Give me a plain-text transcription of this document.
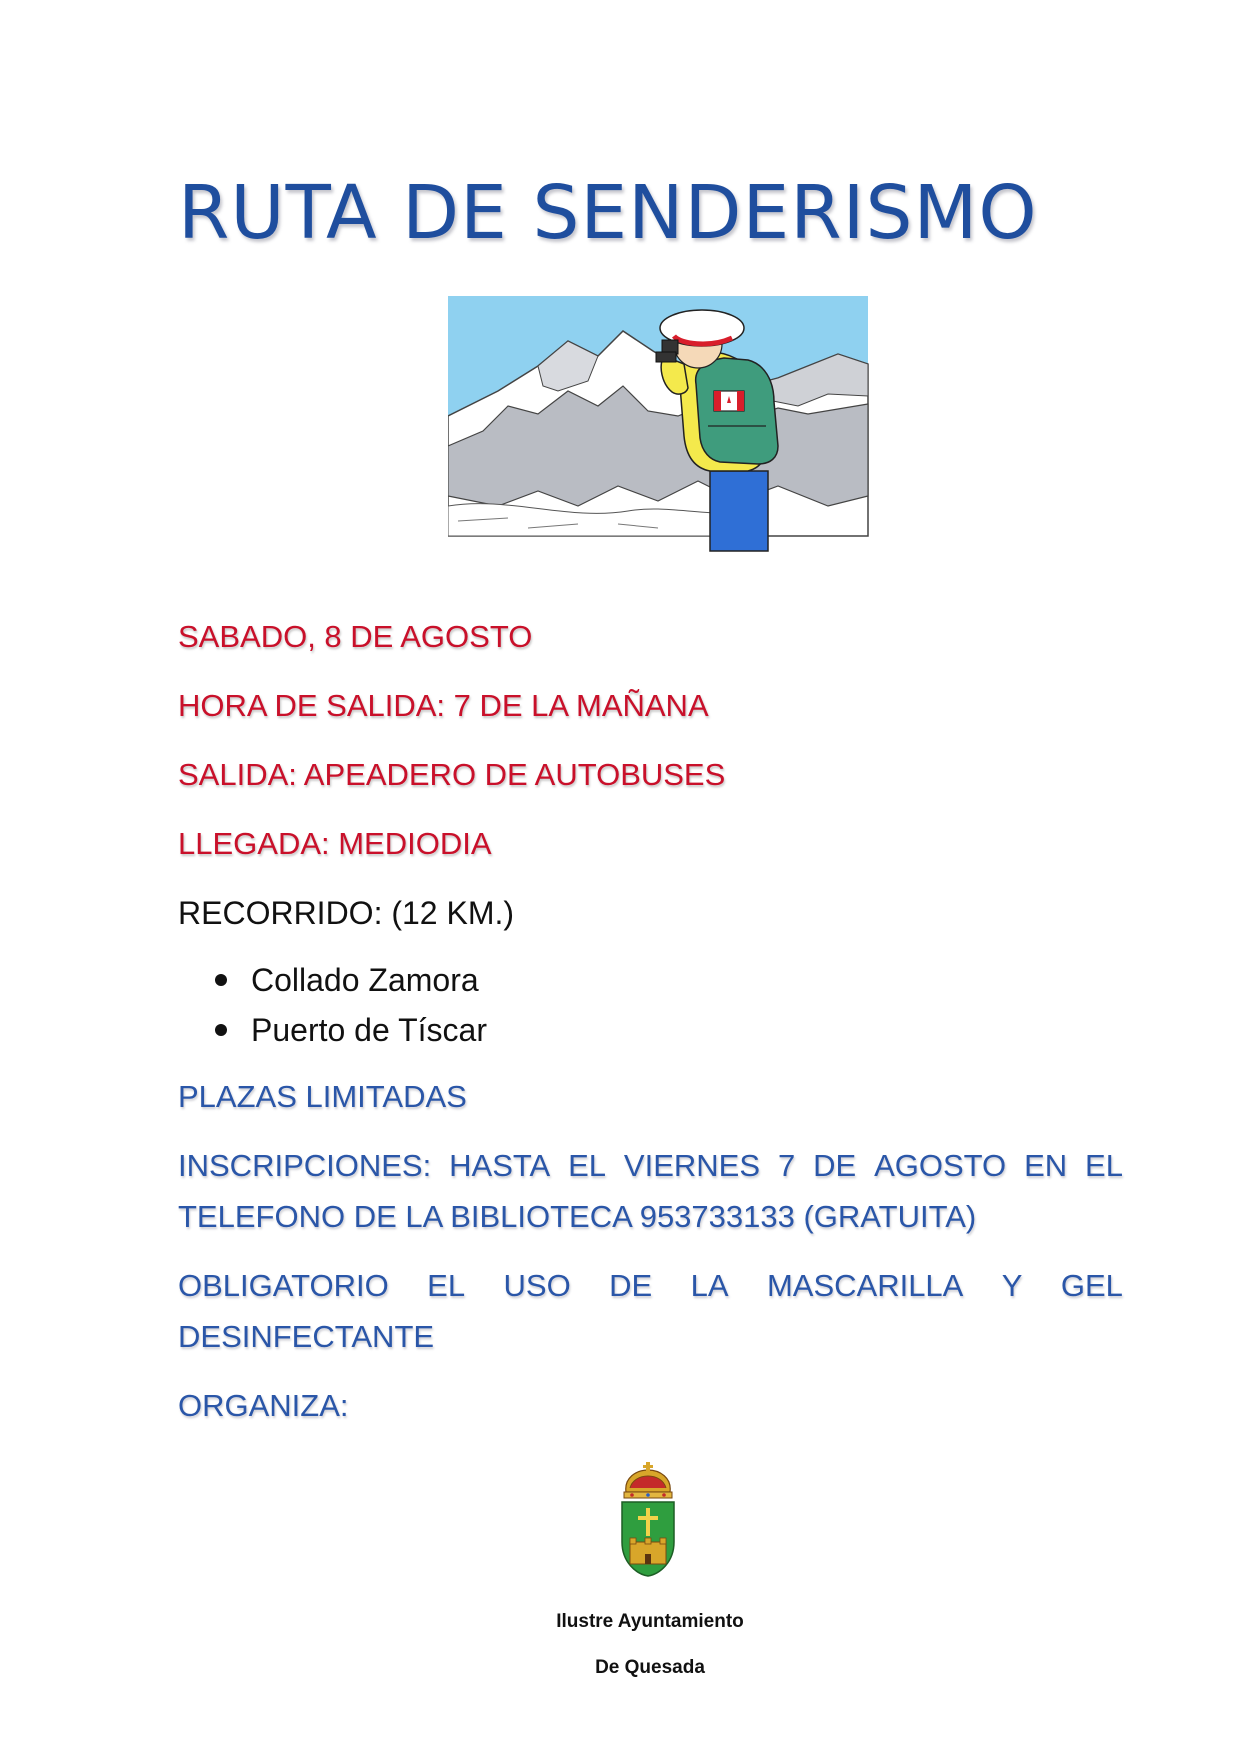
RUTA DE SENDERISMO
SABADO, 8 DE AGOSTO
HORA DE SALIDA: 7 DE LA MAÑANA
SALIDA: APEADERO DE AUTOBUSES
LLEGADA: MEDIODIA
RECORRIDO: (12 KM.)
Collado Zamora
Puerto de Tíscar
PLAZAS LIMITADAS
INSCRIPCIONES: HASTA EL VIERNES 7 DE AGOSTO EN EL
TELEFONO DE LA BIBLIOTECA 953733133 (GRATUITA)
OBLIGATORIO EL USO DE LA MASCARILLA Y GEL
DESINFECTANTE
ORGANIZA:
Ilustre Ayuntamiento
De Quesada
